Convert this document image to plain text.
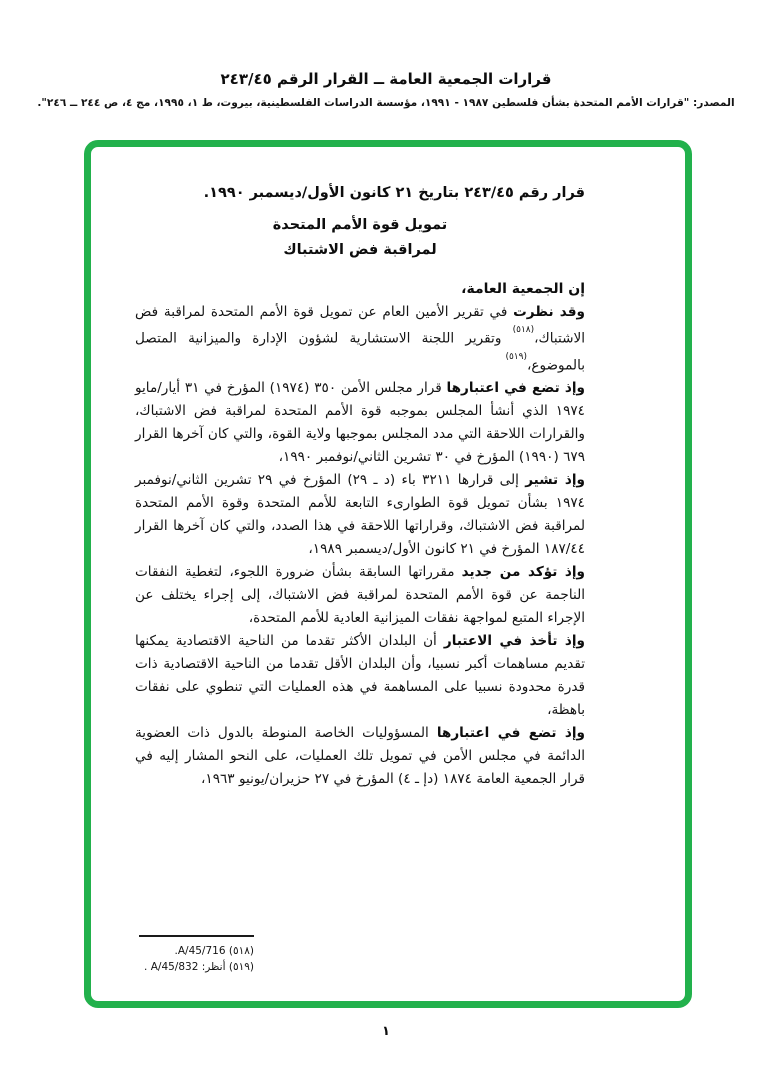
قرارات الجمعية العامة ــ القرار الرقم ٢٤٣/٤٥
المصدر: "قرارات الأمم المتحدة بشأن فلسطين ١٩٨٧ - ١٩٩١، مؤسسة الدراسات الفلسطينية، بيروت، ط ١، ١٩٩٥، مج ٤، ص ٢٤٤ ــ ٢٤٦".

قرار رقم ٢٤٣/٤٥ بتاريخ ٢١ كانون الأول/ديسمبر ١٩٩٠.

تمويل قوة الأمم المتحدة

لمراقبة فض الاشتباك

إن الجمعية العامة،

وقد نظرت في تقرير الأمين العام عن تمويل قوة الأمم المتحدة لمراقبة فض الاشتباك،$^{(٥١٨)}$ وتقرير اللجنة الاستشارية لشؤون الإدارة والميزانية المتصل بالموضوع،$^{(٥١٩)}$

وإذ تضع في اعتبارها قرار مجلس الأمن ٣٥٠ (١٩٧٤) المؤرخ في ٣١ أيار/مايو ١٩٧٤ الذي أنشأ المجلس بموجبه قوة الأمم المتحدة لمراقبة فض الاشتباك، والقرارات اللاحقة التي مدد المجلس بموجبها ولاية القوة، والتي كان آخرها القرار ٦٧٩ (١٩٩٠) المؤرخ في ٣٠ تشرين الثاني/نوفمبر ١٩٩٠،

وإذ تشير إلى قرارها ٣٢١١ باء (د ـ ٢٩) المؤرخ في ٢٩ تشرين الثاني/نوفمبر ١٩٧٤ بشأن تمويل قوة الطوارىء التابعة للأمم المتحدة وقوة الأمم المتحدة لمراقبة فض الاشتباك، وقراراتها اللاحقة في هذا الصدد، والتي كان آخرها القرار ١٨٧/٤٤ المؤرخ في ٢١ كانون الأول/ديسمبر ١٩٨٩،

وإذ تؤكد من جديد مقرراتها السابقة بشأن ضرورة اللجوء، لتغطية النفقات الناجمة عن قوة الأمم المتحدة لمراقبة فض الاشتباك، إلى إجراء يختلف عن الإجراء المتبع لمواجهة نفقات الميزانية العادية للأمم المتحدة،

وإذ تأخذ في الاعتبار أن البلدان الأكثر تقدما من الناحية الاقتصادية يمكنها تقديم مساهمات أكبر نسبيا، وأن البلدان الأقل تقدما من الناحية الاقتصادية ذات قدرة محدودة نسبيا على المساهمة في هذه العمليات التي تنطوي على نفقات باهظة،

وإذ تضع في اعتبارها المسؤوليات الخاصة المنوطة بالدول ذات العضوية الدائمة في مجلس الأمن في تمويل تلك العمليات، على النحو المشار إليه في قرار الجمعية العامة ١٨٧٤ (دإ ـ ٤) المؤرخ في ٢٧ حزيران/يونيو ١٩٦٣،

(٥١٨) A/45/716.
(٥١٩) أنظر: A/45/832 .
١
